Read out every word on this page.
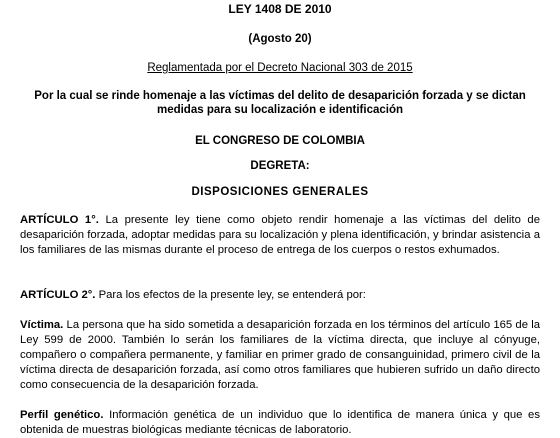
LEY 1408 DE 2010

(Agosto 20)

Reglamentada por el Decreto Nacional 303 de 2015

Por la cual se rinde homenaje a las víctimas del delito de desaparición forzada y se dictan medidas para su localización e identificación

EL CONGRESO DE COLOMBIA

DEGRETA:

DISPOSICIONES GENERALES

ARTÍCULO 1°. La presente ley tiene como objeto rendir homenaje a las víctimas del delito de desaparición forzada, adoptar medidas para su localización y plena identificación, y brindar asistencia a los familiares de las mismas durante el proceso de entrega de los cuerpos o restos exhumados.

ARTÍCULO 2°. Para los efectos de la presente ley, se entenderá por:

Víctima. La persona que ha sido sometida a desaparición forzada en los términos del artículo 165 de la Ley 599 de 2000. También lo serán los familiares de la víctima directa, que incluye al cónyuge, compañero o compañera permanente, y familiar en primer grado de consanguinidad, primero civil de la víctima directa de desaparición forzada, así como otros familiares que hubieren sufrido un daño directo como consecuencia de la desaparición forzada.

Perfil genético. Información genética de un individuo que lo identifica de manera única y que es obtenida de muestras biológicas mediante técnicas de laboratorio.
